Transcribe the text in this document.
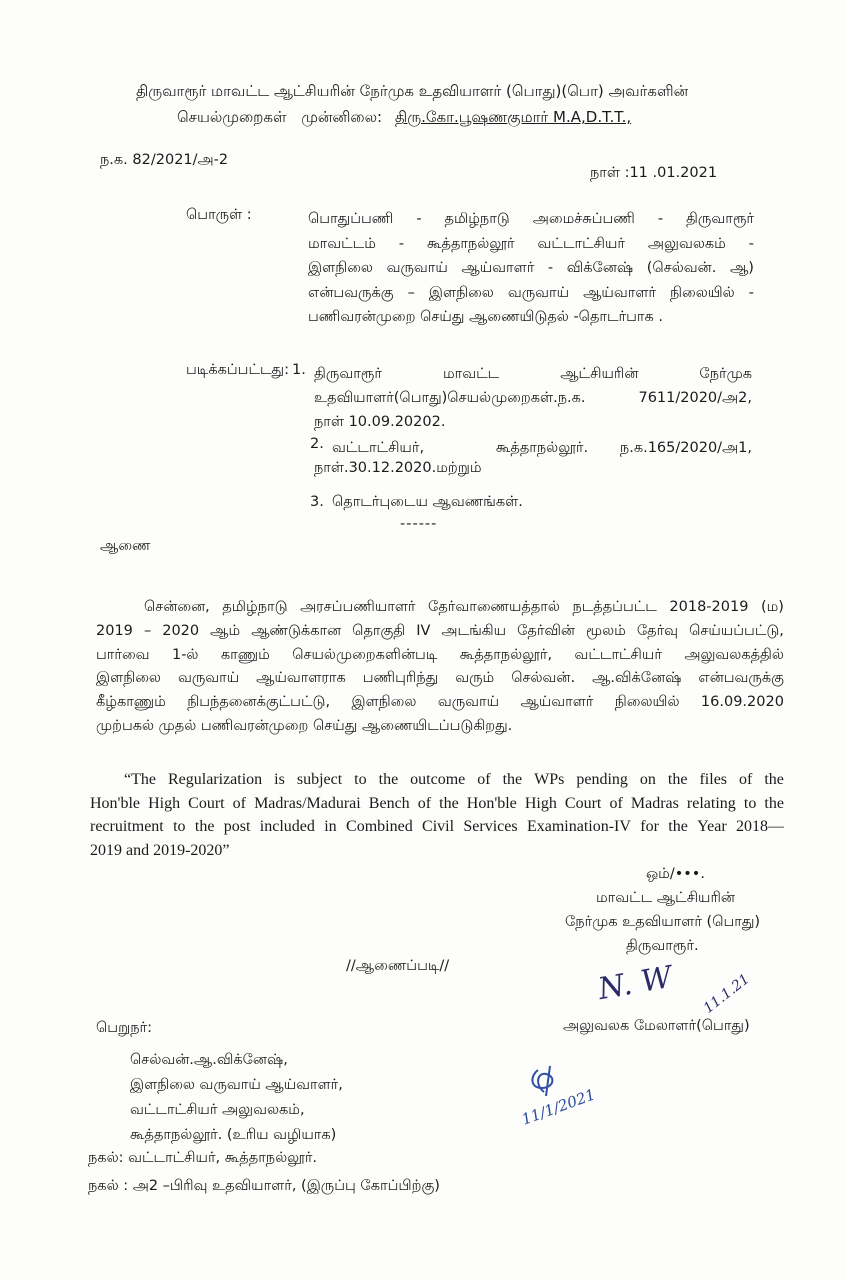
திருவாரூர் மாவட்ட ஆட்சியரின் நேர்முக உதவியாளர் (பொது)(பொ) அவர்களின்
செயல்முறைகள் முன்னிலை: திரு.கோ.பூஷணகுமார் M.A,D.T.T.,
ந.க. 82/2021/அ-2
நாள் :11 .01.2021
பொருள் :	பொதுப்பணி - தமிழ்நாடு அமைச்சுப்பணி - திருவாரூர்
மாவட்டம் - கூத்தாநல்லூர் வட்டாட்சியர் அலுவலகம் -
இளநிலை வருவாய் ஆய்வாளர் - விக்னேஷ் (செல்வன். ஆ)
என்பவருக்கு – இளநிலை வருவாய் ஆய்வாளர் நிலையில் -
பணிவரன்முறை செய்து ஆணையிடுதல் -தொடர்பாக .
படிக்கப்பட்டது: 1. திருவாரூர்	மாவட்ட	ஆட்சியரின்	நேர்முக
உதவியாளர்(பொது)செயல்முறைகள்.ந.க.	7611/2020/அ2,
நாள் 10.09.20202.
2. வட்டாட்சியர்,	கூத்தாநல்லூர். ந.க.165/2020/அ1,
நாள்.30.12.2020.மற்றும்
3. தொடர்புடைய ஆவணங்கள்.
------
ஆணை
சென்னை, தமிழ்நாடு அரசப்பணியாளர் தேர்வாணையத்தால் நடத்தப்பட்ட 2018-2019 (ம)
2019 – 2020 ஆம் ஆண்டுக்கான தொகுதி IV அடங்கிய தேர்வின் மூலம் தேர்வு செய்யப்பட்டு,
பார்வை 1-ல் காணும் செயல்முறைகளின்படி கூத்தாநல்லூர், வட்டாட்சியர் அலுவலகத்தில்
இளநிலை வருவாய் ஆய்வாளராக பணிபுரிந்து வரும் செல்வன். ஆ.விக்னேஷ் என்பவருக்கு
கீழ்காணும் நிபந்தனைக்குட்பட்டு, இளநிலை வருவாய் ஆய்வாளர் நிலையில் 16.09.2020
முற்பகல் முதல் பணிவரன்முறை செய்து ஆணையிடப்படுகிறது.
“The Regularization is subject to the outcome of the WPs pending on the files of the
Hon'ble High Court of Madras/Madurai Bench of the Hon'ble High Court of Madras relating to the
recruitment to the post included in Combined Civil Services Examination-IV for the Year 2018—
2019 and 2019-2020”
ஒம்/•••.
மாவட்ட ஆட்சியரின்
நேர்முக உதவியாளர் (பொது)
திருவாரூர்.
//ஆணைப்படி//	N. W 11.1.21
அலுவலக மேலாளர்(பொது)
பெறுநர்:
செல்வன்.ஆ.விக்னேஷ்,
இளநிலை வருவாய் ஆய்வாளர்,
வட்டாட்சியர் அலுவலகம்,
கூத்தாநல்லூர். (உரிய வழியாக)
நகல்: வட்டாட்சியர், கூத்தாநல்லூர்.
நகல் : அ2 –பிரிவு உதவியாளர், (இருப்பு கோப்பிற்கு)
11/1/2021
